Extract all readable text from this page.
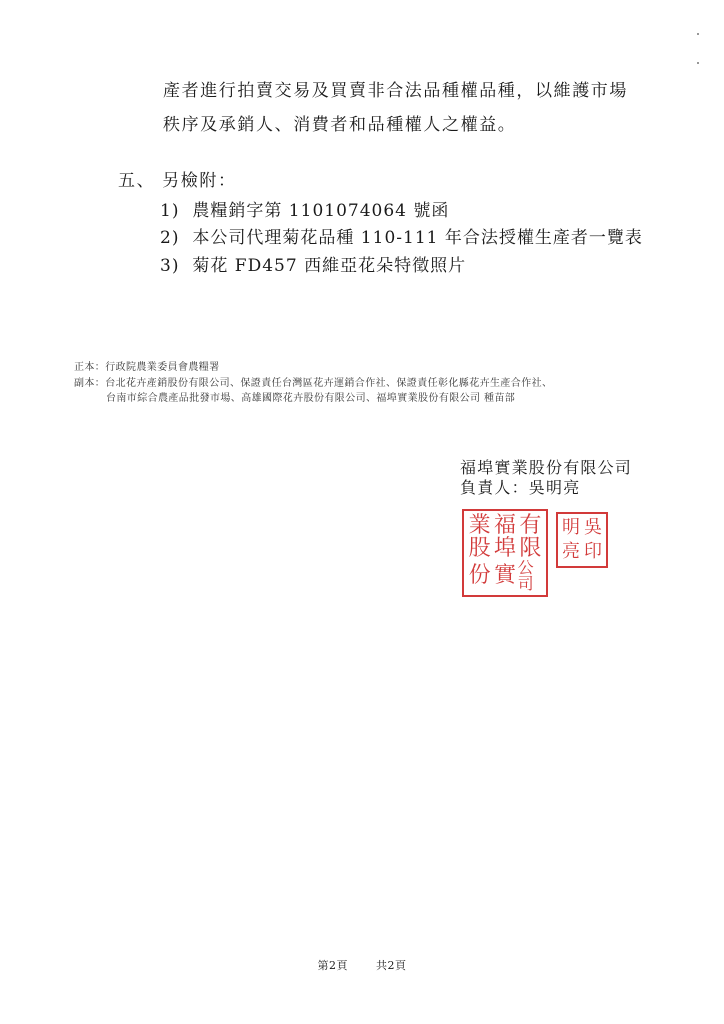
產者進行拍賣交易及買賣非合法品種權品種，以維護市場
秩序及承銷人、消費者和品種權人之權益。
五、 另檢附：
1) 農糧銷字第 1101074064 號函
2) 本公司代理菊花品種 110-111 年合法授權生產者一覽表
3) 菊花 FD457 西維亞花朵特徵照片
正本：行政院農業委員會農糧署
副本：台北花卉產銷股份有限公司、保證責任台灣區花卉運銷合作社、保證責任彰化縣花卉生產合作社、
台南市綜合農產品批發市場、高雄國際花卉股份有限公司、福埠實業股份有限公司 種苗部
福埠實業股份有限公司
負責人：吳明亮
業 福 有
股 埠 限
份 實 公司
明 吳
亮 印
第2頁	共2頁
